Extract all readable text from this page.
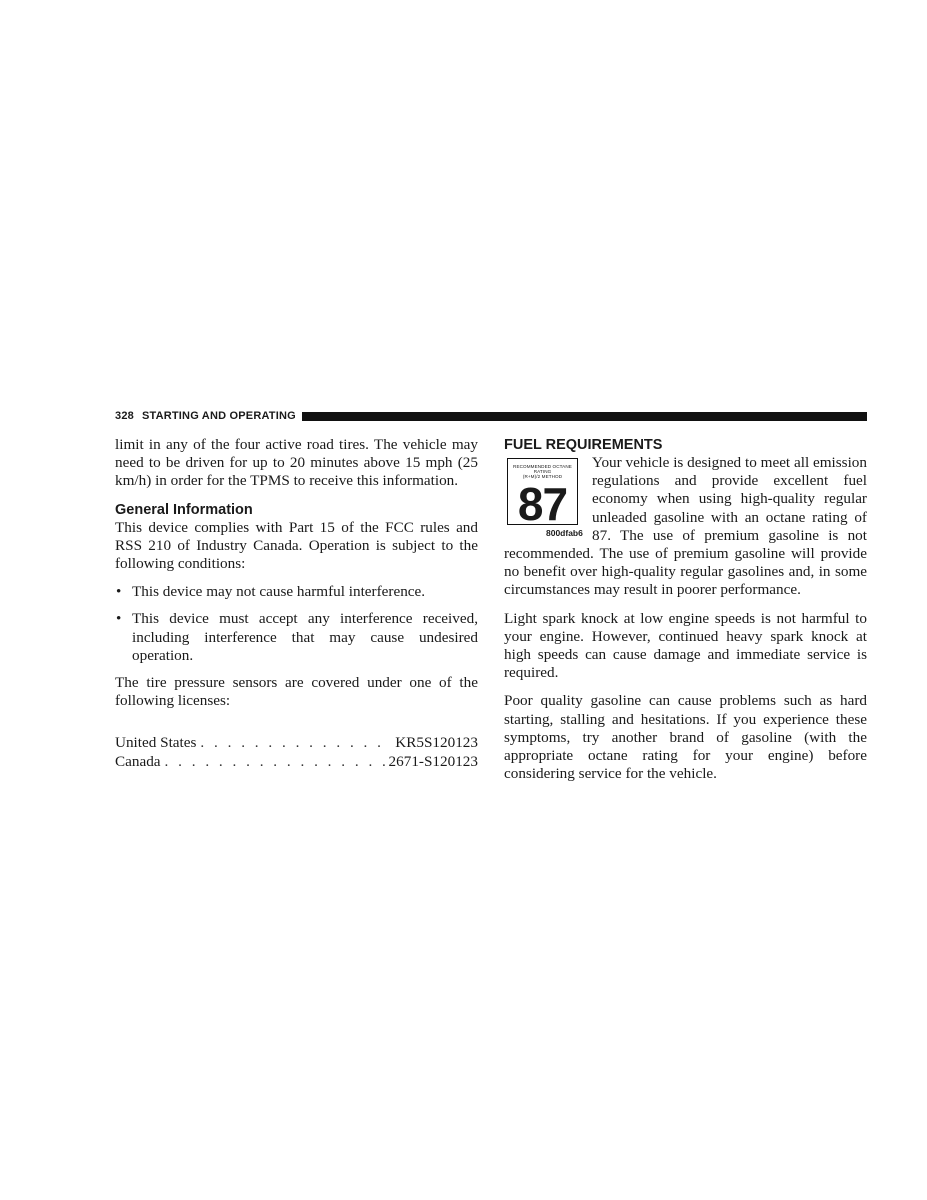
328 STARTING AND OPERATING

limit in any of the four active road tires. The vehicle may need to be driven for up to 20 minutes above 15 mph (25 km/h) in order for the TPMS to receive this information.

General Information

This device complies with Part 15 of the FCC rules and RSS 210 of Industry Canada. Operation is subject to the following conditions:

• This device may not cause harmful interference.
• This device must accept any interference received, including interference that may cause undesired operation.

The tire pressure sensors are covered under one of the following licenses:

United States . . .	KR5S120123
Canada . . .	2671-S120123
FUEL REQUIREMENTS
RECOMMENDED OCTANE RATING
(R+M)/2 METHOD
87
800dfab6

Your vehicle is designed to meet all emission regulations and provide excellent fuel economy when using high-quality regular unleaded gasoline with an octane rating of 87. The use of premium gasoline is not recommended. The use of premium gasoline will provide no benefit over high-quality regular gasolines and, in some circumstances may result in poorer performance.

Light spark knock at low engine speeds is not harmful to your engine. However, continued heavy spark knock at high speeds can cause damage and immediate service is required.

Poor quality gasoline can cause problems such as hard starting, stalling and hesitations. If you experience these symptoms, try another brand of gasoline (with the appropriate octane rating for your engine) before considering service for the vehicle.
